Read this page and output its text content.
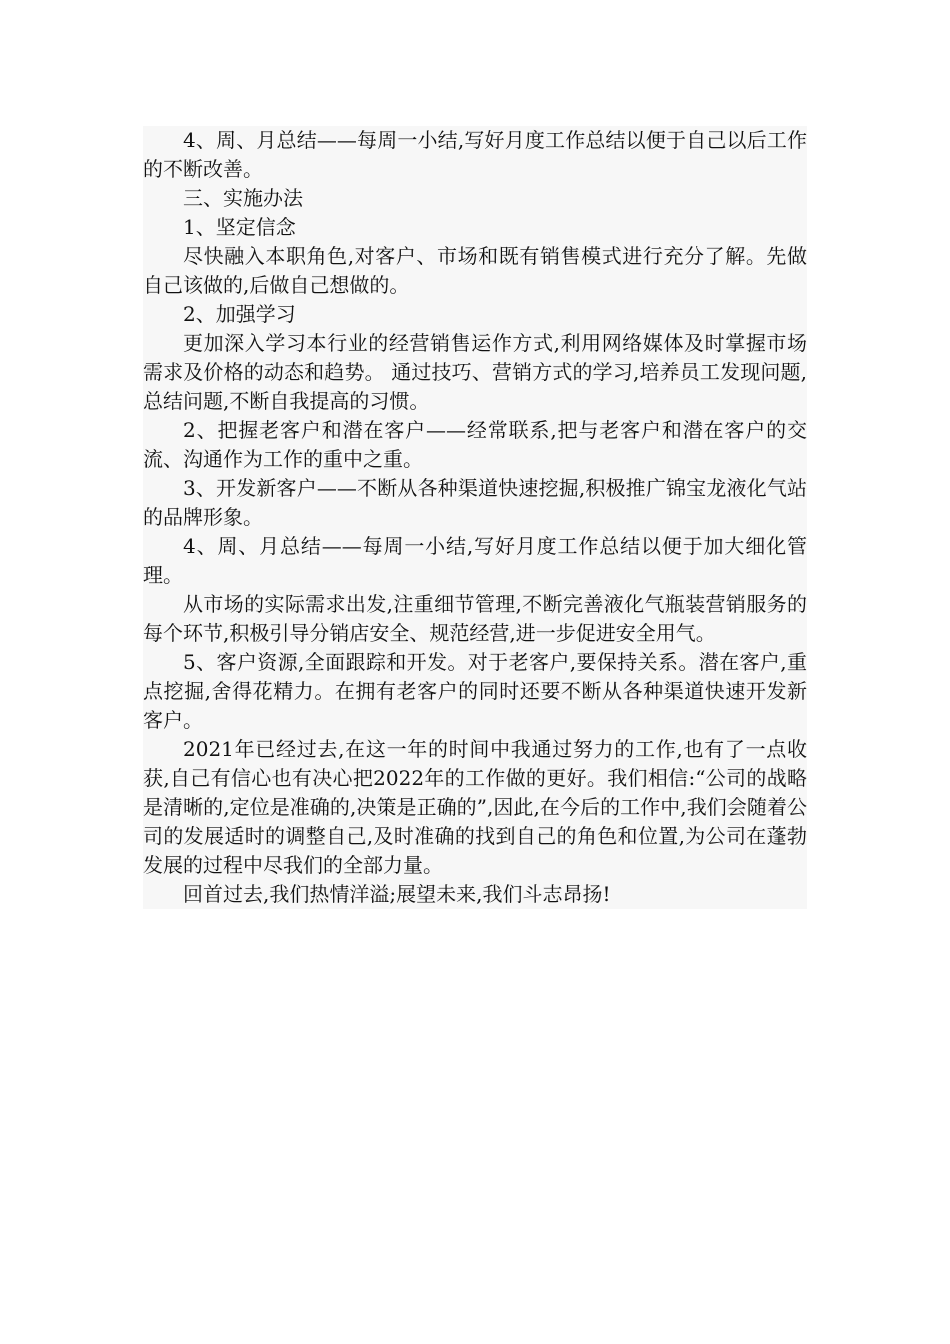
4、周、月总结——每周一小结,写好月度工作总结以便于自己以后工作的不断改善。

三、实施办法

1、坚定信念

尽快融入本职角色,对客户、市场和既有销售模式进行充分了解。先做自己该做的,后做自己想做的。

2、加强学习

更加深入学习本行业的经营销售运作方式,利用网络媒体及时掌握市场需求及价格的动态和趋势。 通过技巧、营销方式的学习,培养员工发现问题,总结问题,不断自我提高的习惯。

2、把握老客户和潜在客户——经常联系,把与老客户和潜在客户的交流、沟通作为工作的重中之重。

3、开发新客户——不断从各种渠道快速挖掘,积极推广锦宝龙液化气站的品牌形象。

4、周、月总结——每周一小结,写好月度工作总结以便于加大细化管理。

从市场的实际需求出发,注重细节管理,不断完善液化气瓶装营销服务的每个环节,积极引导分销店安全、规范经营,进一步促进安全用气。

5、客户资源,全面跟踪和开发。对于老客户,要保持关系。潜在客户,重点挖掘,舍得花精力。在拥有老客户的同时还要不断从各种渠道快速开发新客户。

2021年已经过去,在这一年的时间中我通过努力的工作,也有了一点收获,自己有信心也有决心把2022年的工作做的更好。我们相信:“公司的战略是清晰的,定位是准确的,决策是正确的”,因此,在今后的工作中,我们会随着公司的发展适时的调整自己,及时准确的找到自己的角色和位置,为公司在蓬勃发展的过程中尽我们的全部力量。

回首过去,我们热情洋溢;展望未来,我们斗志昂扬!
